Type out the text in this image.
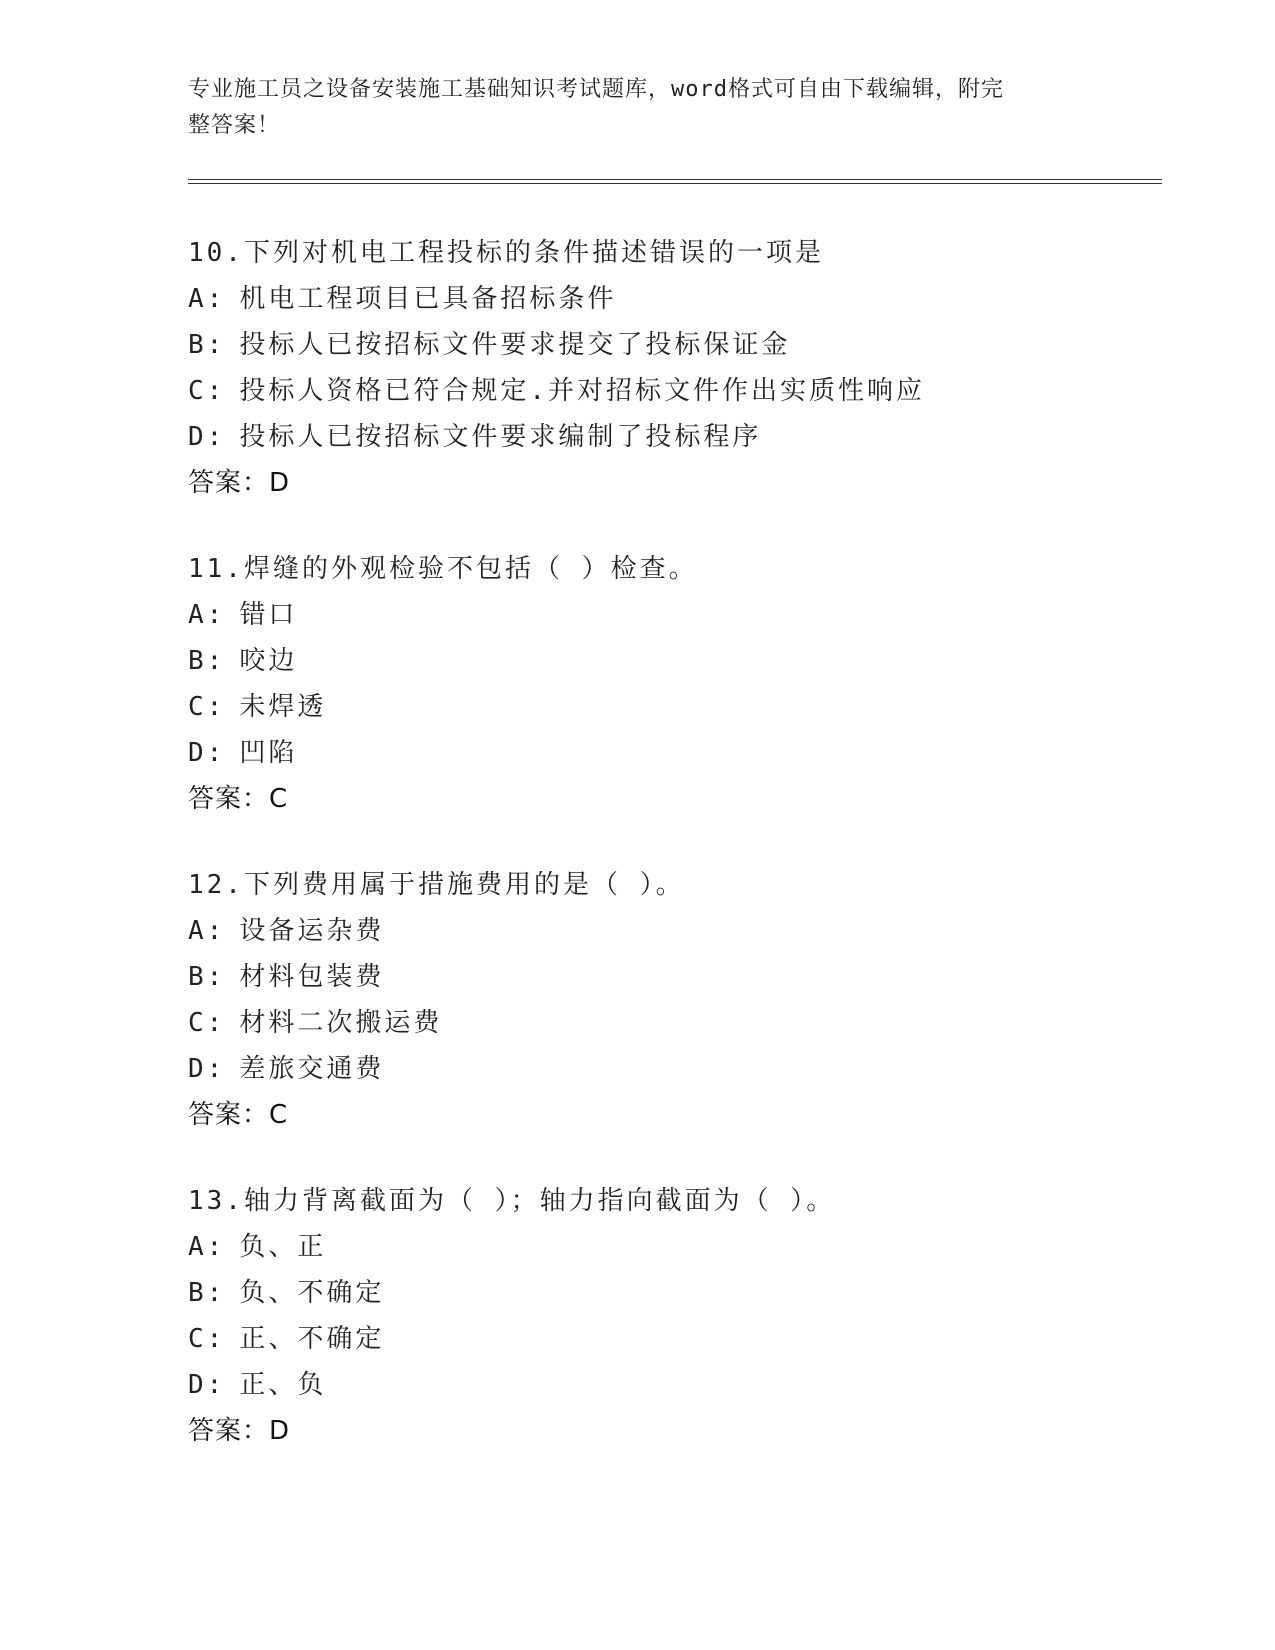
专业施工员之设备安装施工基础知识考试题库，word格式可自由下载编辑，附完
整答案！
10.下列对机电工程投标的条件描述错误的一项是
A: 机电工程项目已具备招标条件
B: 投标人已按招标文件要求提交了投标保证金
C: 投标人资格已符合规定.并对招标文件作出实质性响应
D: 投标人已按招标文件要求编制了投标程序
答案：D
11.焊缝的外观检验不包括（ ）检查。
A: 错口
B: 咬边
C: 未焊透
D: 凹陷
答案：C
12.下列费用属于措施费用的是（ ）。
A: 设备运杂费
B: 材料包装费
C: 材料二次搬运费
D: 差旅交通费
答案：C
13.轴力背离截面为（ ）；轴力指向截面为（ ）。
A: 负、正
B: 负、不确定
C: 正、不确定
D: 正、负
答案：D
